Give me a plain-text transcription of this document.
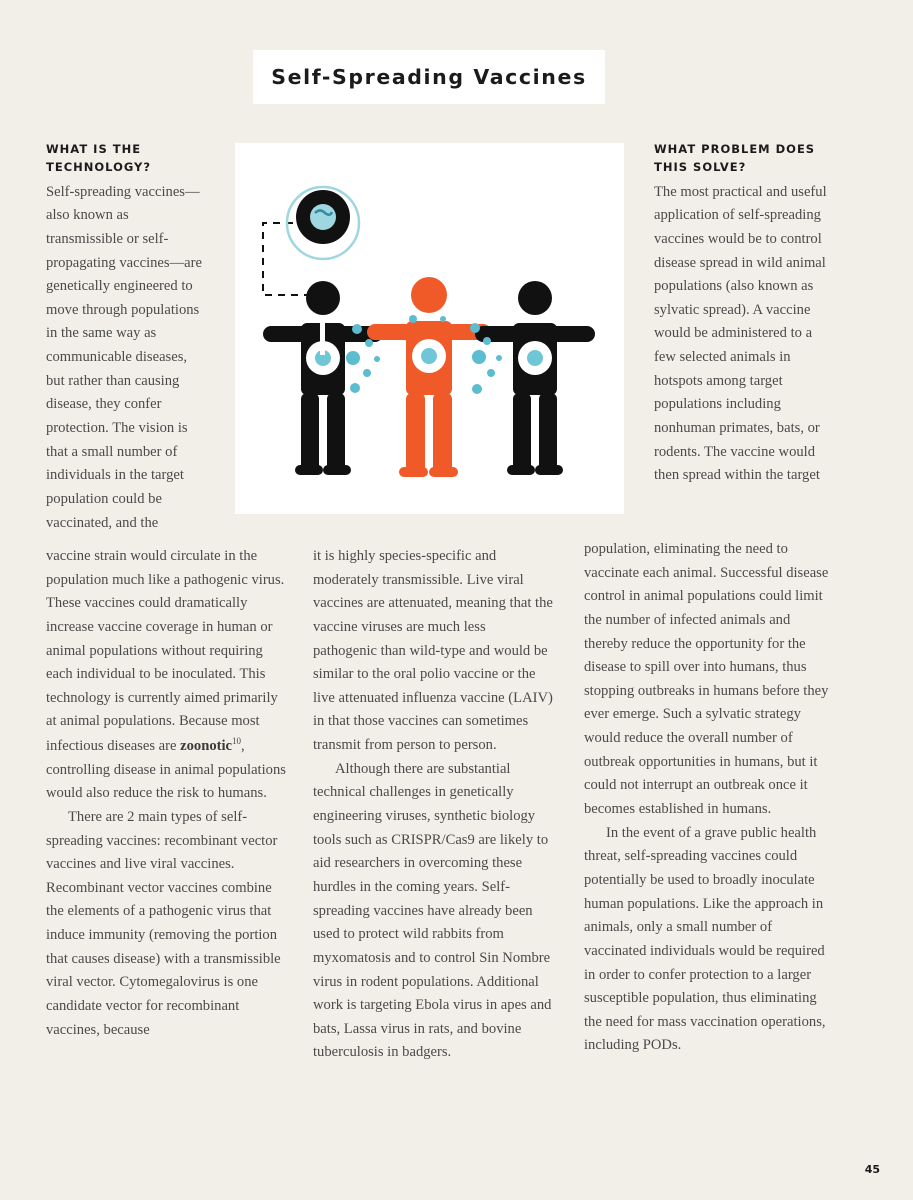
Self-Spreading Vaccines
WHAT IS THE TECHNOLOGY?

Self-spreading vaccines—also known as transmissible or self-propagating vaccines—are genetically engineered to move through populations in the same way as communicable diseases, but rather than causing disease, they confer protection. The vision is that a small number of individuals in the target population could be vaccinated, and the

vaccine strain would circulate in the population much like a pathogenic virus. These vaccines could dramatically increase vaccine coverage in human or animal populations without requiring each individual to be inoculated. This technology is currently aimed primarily at animal populations. Because most infectious diseases are zoonotic$^{10}$, controlling disease in animal populations would also reduce the risk to humans.

There are 2 main types of self-spreading vaccines: recombinant vector vaccines and live viral vaccines. Recombinant vector vaccines combine the elements of a pathogenic virus that induce immunity (removing the portion that causes disease) with a transmissible viral vector. Cytomegalovirus is one candidate vector for recombinant vaccines, because

it is highly species-specific and moderately transmissible. Live viral vaccines are attenuated, meaning that the vaccine viruses are much less pathogenic than wild-type and would be similar to the oral polio vaccine or the live attenuated influenza vaccine (LAIV) in that those vaccines can sometimes transmit from person to person.

Although there are substantial technical challenges in genetically engineering viruses, synthetic biology tools such as CRISPR/Cas9 are likely to aid researchers in overcoming these hurdles in the coming years. Self-spreading vaccines have already been used to protect wild rabbits from myxomatosis and to control Sin Nombre virus in rodent populations. Additional work is targeting Ebola virus in apes and bats, Lassa virus in rats, and bovine tuberculosis in badgers.

WHAT PROBLEM DOES THIS SOLVE?

The most practical and useful application of self-spreading vaccines would be to control disease spread in wild animal populations (also known as sylvatic spread). A vaccine would be administered to a few selected animals in hotspots among target populations including nonhuman primates, bats, or rodents. The vaccine would then spread within the target

population, eliminating the need to vaccinate each animal. Successful disease control in animal populations could limit the number of infected animals and thereby reduce the opportunity for the disease to spill over into humans, thus stopping outbreaks in humans before they ever emerge. Such a sylvatic strategy would reduce the overall number of outbreak opportunities in humans, but it could not interrupt an outbreak once it becomes established in humans.

In the event of a grave public health threat, self-spreading vaccines could potentially be used to broadly inoculate human populations. Like the approach in animals, only a small number of vaccinated individuals would be required in order to confer protection to a larger susceptible population, thus eliminating the need for mass vaccination operations, including PODs.

45
